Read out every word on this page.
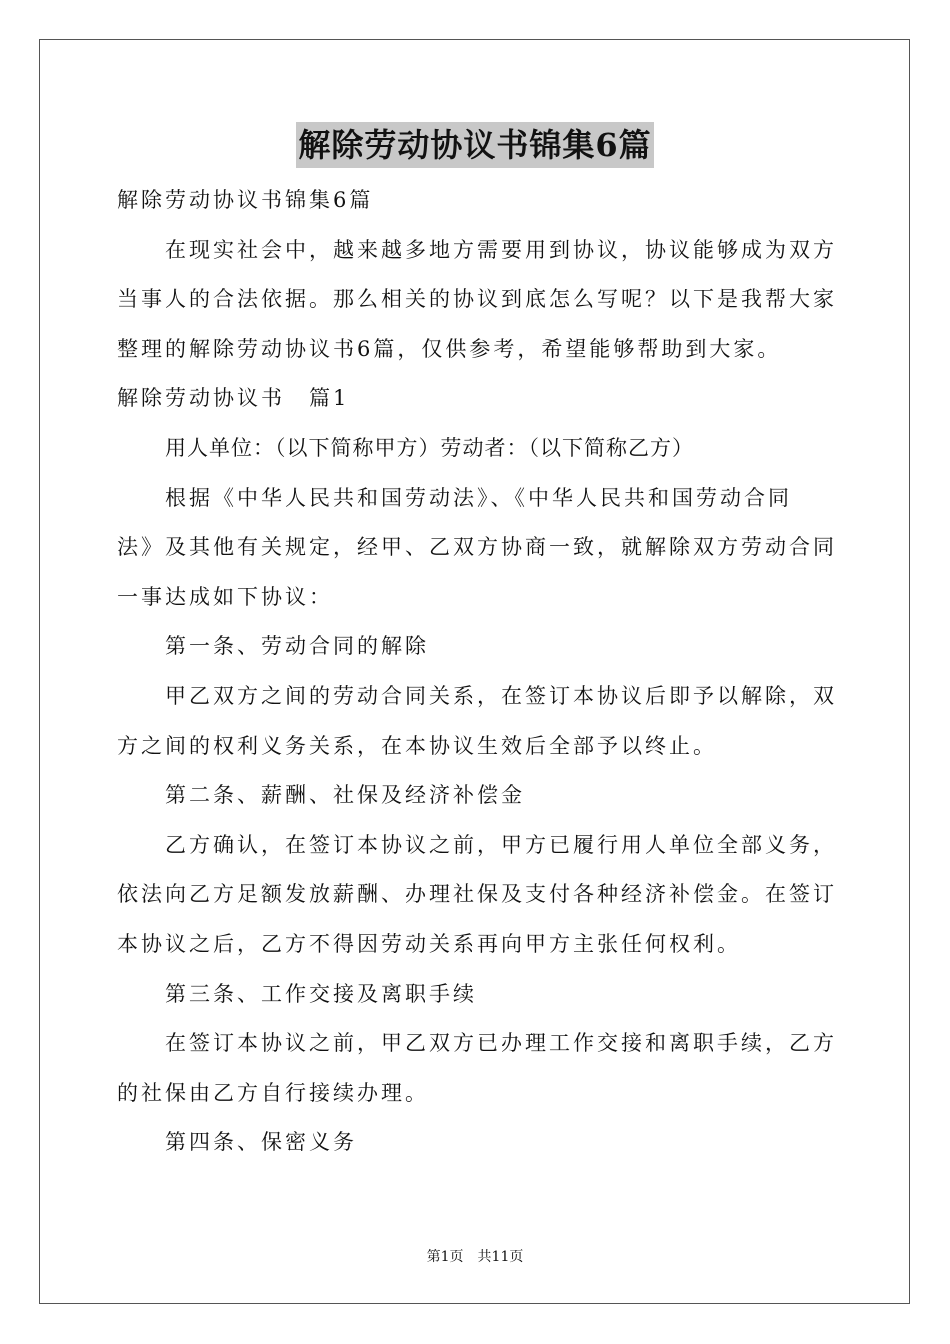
解除劳动协议书锦集6篇
解除劳动协议书锦集6篇
在现实社会中，越来越多地方需要用到协议，协议能够成为双方
当事人的合法依据。那么相关的协议到底怎么写呢？以下是我帮大家
整理的解除劳动协议书6篇，仅供参考，希望能够帮助到大家。
解除劳动协议书　篇1
用人单位：（以下简称甲方）劳动者：（以下简称乙方）
根据《中华人民共和国劳动法》、《中华人民共和国劳动合同
法》及其他有关规定，经甲、乙双方协商一致，就解除双方劳动合同
一事达成如下协议：
第一条、劳动合同的解除
甲乙双方之间的劳动合同关系，在签订本协议后即予以解除，双
方之间的权利义务关系，在本协议生效后全部予以终止。
第二条、薪酬、社保及经济补偿金
乙方确认，在签订本协议之前，甲方已履行用人单位全部义务，
依法向乙方足额发放薪酬、办理社保及支付各种经济补偿金。在签订
本协议之后，乙方不得因劳动关系再向甲方主张任何权利。
第三条、工作交接及离职手续
在签订本协议之前，甲乙双方已办理工作交接和离职手续，乙方
的社保由乙方自行接续办理。
第四条、保密义务
第1页　共11页
